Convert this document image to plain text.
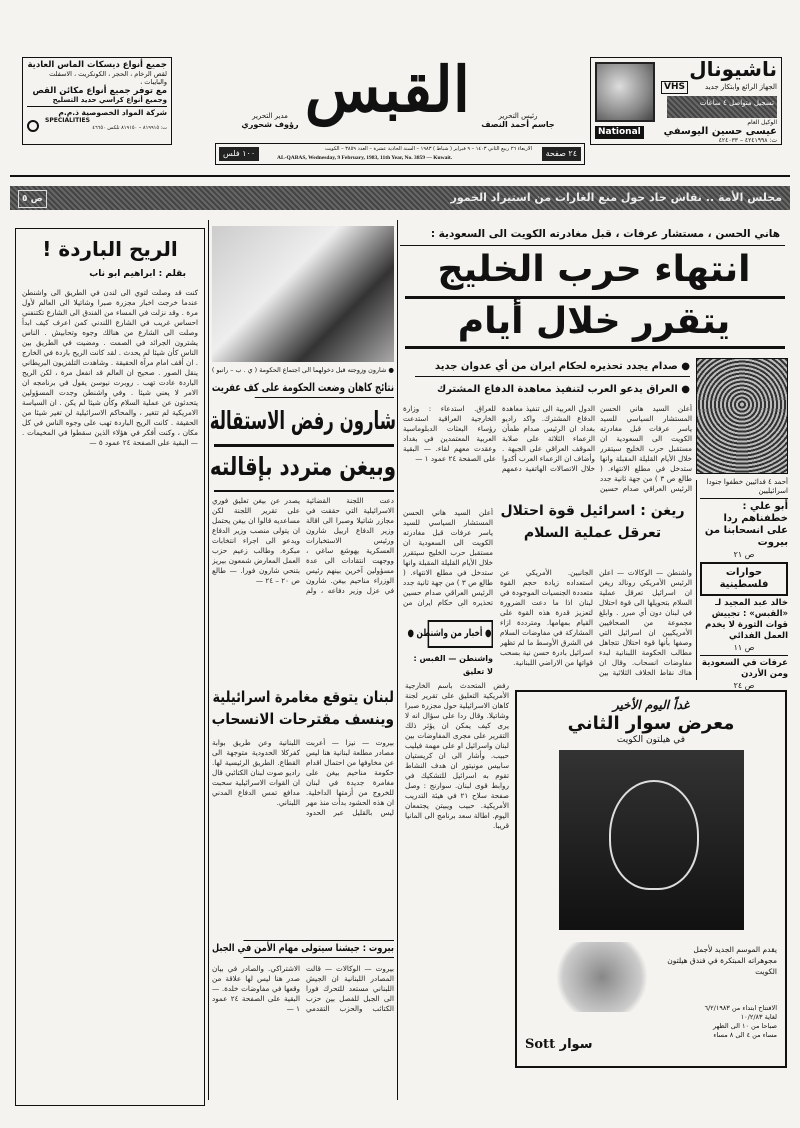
ناشيونال
الجهاز الرائع وابتكار جديد
VHS
تسجيل متواصل ٤ ساعات
National
الوكيل العام
عيسى حسين اليوسفي
ت: ٤٢٤١٩٩٨ – ٤٢٤٠٣٣
رئيس التحرير
جاسم أحمد النصف
القبس
مدير التحرير
رؤوف شحوري
٢٤ صفحة
الاربعاء ٢٦ ربيع الثاني ١٤٠٣ – ٩ فبراير ( شباط ) ١٩٨٣ – السنة الحادية عشرة – العدد ٣٨٥٩ – الكويت
AL-QABAS, Wednesday, 9 February, 1983, 11th Year, No. 3859 — Kuwait.
١٠٠ فلس
جميع أنواع ديسكات الماس العادية
لقص الرخام ، الحجر ، الكونكريت ، الاسفلت
والبايبات ،
مع توفر جميع أنواع مكائن القص
وجميع أنواع كراسي حديد التسليح
شركة المواد الخصوصية ذ.م.م
SPECIALITIES
ت: ٨١٩٩١٥ – ٨١٩١٥٠ تلكس ٤٦٦٥٠
مجلس الأمة .. نقاش حاد حول منع الغارات من استيراد الخمور
ص ٥
هاني الحسن ، مستشار عرفات ، قبل مغادرته الكويت الى السعودية :
انتهاء حرب الخليج
يتقرر خلال أيام
● صدام يجدد تحذيره لحكام ايران من أي عدوان جديد
● العراق يدعو العرب لتنفيذ معاهدة الدفاع المشترك
أعلن السيد هاني الحسن المستشار السياسي للسيد ياسر عرفات قبل مغادرته الكويت الى السعودية ان مستقبل حرب الخليج سيتقرر خلال الأيام القليلة المقبلة وانها ستدخل في مطلع الانتهاء. ( طالع ص ٣ ) من جهة ثانية جدد الرئيس العراقي صدام حسين
الدول العربية الى تنفيذ معاهدة الدفاع المشترك. واكد راديو بغداد ان الرئيس صدام طمأن الزعماء الثلاثة على صلابة الموقف العراقي على الجبهة . وأضاف ان الزعماء العرب أكدوا خلال الاتصالات الهاتفية دعمهم للعراق. استدعاء : وزارة الخارجية العراقية استدعت رؤساء البعثات الدبلوماسية العربية المعتمدين في بغداد وعقدت معهم لقاء. — البقية على الصفحة ٢٤ عمود ١ —
أحمد ٤ فدائيين خطفوا جنودا اسرائيليين
أبو علي : خطفناهم ردا على انسحابنا من بيروت
ص ٢١
حوارات فلسطينية
خالد عبد المجيد لـ «القبس» : تجييش قوات الثورة لا يخدم العمل الفدائي
ص ١١
عرفات في السعودية ومن الأردن
ص ٢٤
ريغن : اسرائيل قوة احتلال تعرقل عملية السلام
واشنطن — الوكالات — اعلن الرئيس الأمريكي رونالد ريغن ان اسرائيل تعرقل عملية السلام بتحويلها الى قوة احتلال في لبنان دون أي مبرر . وابلغ مجموعة من الصحافيين الأمريكيين ان اسرائيل التي وصفها بأنها قوة احتلال تتجاهل مطالب الحكومة اللبنانية لبدء مفاوضات انسحاب. وقال ان هناك نقاط الخلاف الثلاثية بين الجانبين. الأمريكي عن استعداده زيادة حجم القوة متعددة الجنسيات الموجودة في لبنان اذا ما دعت الضرورة لتعزيز قدرة هذه القوة على القيام بمهامها. ومترددة ازاء المشاركة في مفاوضات السلام في الشرق الأوسط ما لم تظهر اسرائيل بادرة حسن نية بسحب قواتها من الاراضي اللبنانية.
أعلن السيد هاني الحسن المستشار السياسي للسيد ياسر عرفات قبل مغادرته الكويت الى السعودية ان مستقبل حرب الخليج سيتقرر خلال الأيام القليلة المقبلة وانها ستدخل في مطلع الانتهاء. ( طالع ص ٣ ) من جهة ثانية جدد الرئيس العراقي صدام حسين تحذيره الى حكام ايران من
● أخبار من واشنطن ●
واشنطن — القبس :
لا تعليق
رفض المتحدث باسم الخارجية الأمريكية التعليق على تقرير لجنة كاهان الاسرائيلية حول مجزرة صبرا وشاتيلا. وقال ردا على سؤال انه لا يرى كيف يمكن ان يؤثر ذلك التقرير على مجرى المفاوضات بين لبنان واسرائيل او على مهمة فيليب حبيب. وأشار الى ان كريستيان سابيس مونيتور ان هدف النشاط تقوم به اسرائيل للتشكيك في روابط قوى لبنان. سوارنج : وصل صفحة سلاح ٢١ في هيئة التدريب الأمريكية. حبيب ويبيتن يجتمعان اليوم. اطالة سعد برنامج الى المانيا قريبا.
● شارون وزوجته قبل دخولهما الى اجتماع الحكومة ( ي . ب – رانبو )
نتائج كاهان وضعت الحكومة على كف عفريت
شارون رفض الاستقالة
وبيغن متردد بإقالته
دعت اللجنة القضائية الاسرائيلية التي حققت في مجازر شاتيلا وصبرا الى اقالة وزير الدفاع ارييل شارون ورئيس الاستخبارات العسكرية يهوشع ساغي ، ووجهت انتقادات الى عدة مسؤولين آخرين بينهم رئيس الوزراء مناحيم بيغن. شارون في عزل وزير دفاعه ، ولم يصدر عن بيغن تعليق فوري على تقرير اللجنة لكن مساعديه قالوا ان بيغن يحتمل ان يتولى منصب وزير الدفاع ويدعو الى اجراء انتخابات مبكرة. وطالب زعيم حزب العمل المعارض شمعون بيريز بتنحي شارون فورا. — طالع ص ٢٠ – ٢٤ —
لبنان يتوقع مغامرة اسرائيلية
وينسف مقترحات الانسحاب
بيروت — نيزا — أعربت مصادر مطلعة لبنانية هنا ليس عن مخاوفها من احتمال اقدام حكومة مناحيم بيغن على مغامرة جديدة في لبنان للخروج من أزمتها الداخلية. ان هذه الحشود بدأت منذ مهر ليس بالقليل عبر الحدود اللبنانية وعن طريق بوابة كفركلا الحدودية متوجهة الى القطاع. الطريق الرئيسية لها. راديو صوت لبنان الكتائبي قال ان القوات الاسرائيلية سحبت مدافع تمس الدفاع المدني اللبناني.
بيروت : جيشنا سيتولى مهام الأمن في الجبل
بيروت — الوكالات — قالت المصادر اللبنانية ان الجيش اللبناني مستعد للتحرك فورا الى الجبل للفصل بين حزب الكتائب والحزب التقدمي الاشتراكي. والصادر في بيان صدر هنا ليس لها علاقة من وقعها في مفاوضات خلدة. — البقية على الصفحة ٢٤ عمود ١ —
الريح الباردة !
بقلم : ابراهيم ابو ناب
كنت قد وصلت لتوي الى لندن في الطريق الى واشنطن عندما خرجت اخبار مجزرة صبرا وشاتيلا الى العالم لأول مرة . وقد نزلت في المساء من الفندق الى الشارع تكتنفني احساس غريب في الشارع اللندني كمن اعرف كيف ابدأ وصلت الى الشارع من هنالك وجوه وتحابيش . الناس يشترون الجرائد في الصمت . ومضيت في الطريق بين الناس كأن شيئا لم يحدث . لقد كانت الريح باردة في الخارج . ان أقف امام مرآة الحقيقة . وشاهدت التلفزيون البريطاني ينقل الصور . صحيح ان العالم قد انفعل مرة ، لكن الريح الباردة عادت تهب . روبرت نيوسن يقول في برنامجه ان الامر لا يعني شيئا . وفي واشنطن وجدت المسؤولين يتحدثون عن عملية السلام وكأن شيئا لم يكن . ان السياسة الامريكية لم تتغير ، والمحاكم الاسرائيلية لن تغير شيئا من الحقيقة . كانت الريح الباردة تهب على وجوه الناس في كل مكان ، وكنت أفكر في هؤلاء الذين سقطوا في المخيمات . — البقية على الصفحة ٢٤ عمود ٥ —
غداً اليوم الأخير
معرض سوار الثاني
في هيلتون الكويت
يقدم الموسم الجديد لأجمل مجوهراته المبتكرة في فندق هيلتون الكويت
الافتتاح ابتداء من ٦/٢/١٩٨٣
لغاية ١٠/٢/٨٣
صباحا من ١٠ الى الظهر
مساء من ٤ الى ٨ مساء
سوار Sott
